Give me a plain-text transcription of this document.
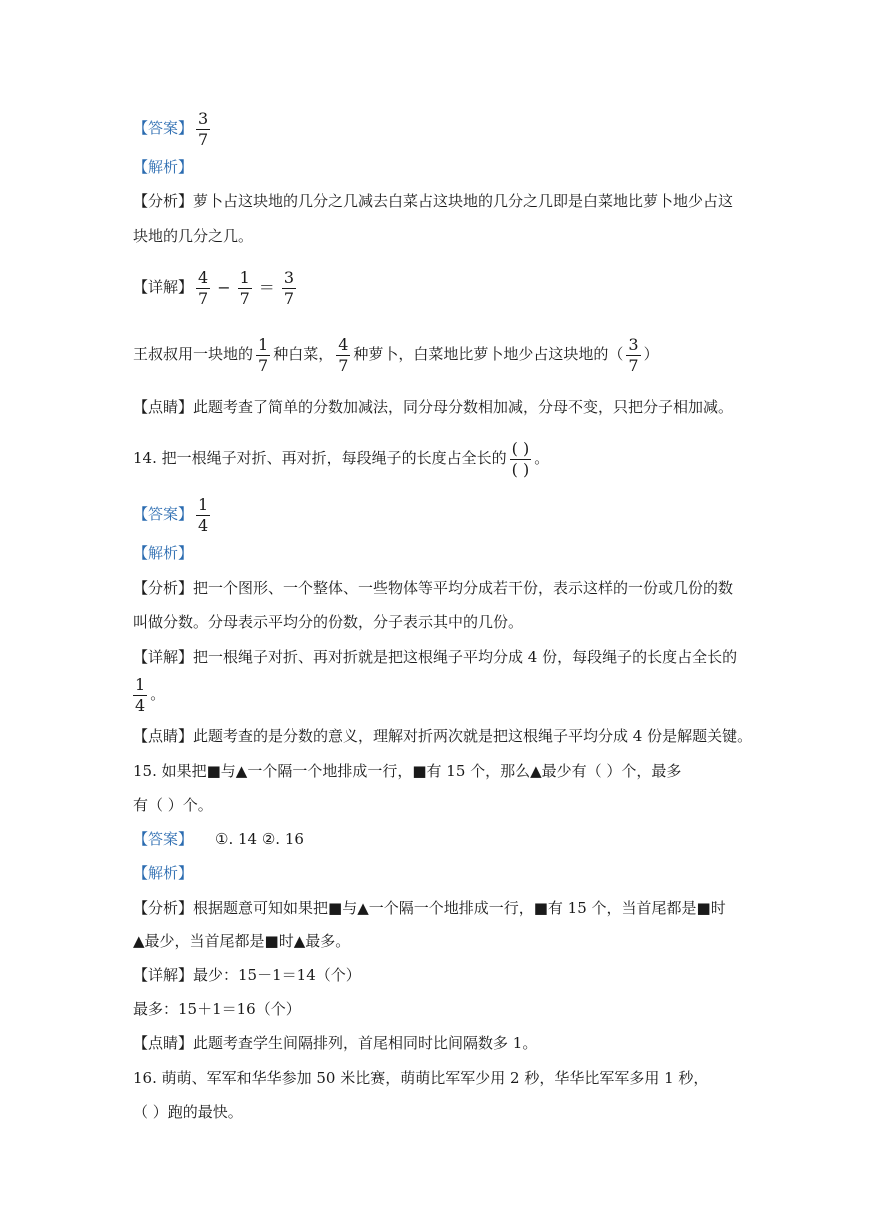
【答案】 $\frac{3}{7}$
【解析】
【分析】萝卜占这块地的几分之几减去白菜占这块地的几分之几即是白菜地比萝卜地少占这
块地的几分之几。
【详解】 $\frac{4}{7} - \frac{1}{7} = \frac{3}{7}$
王叔叔用一块地的 $\frac{1}{7}$ 种白菜， $\frac{4}{7}$ 种萝卜，白菜地比萝卜地少占这块地的（ $\frac{3}{7}$ ）
【点睛】此题考查了简单的分数加减法，同分母分数相加减，分母不变，只把分子相加减。
14. 把一根绳子对折、再对折，每段绳子的长度占全长的 $\frac{( )}{( )}$ 。
【答案】 $\frac{1}{4}$
【解析】
【分析】把一个图形、一个整体、一些物体等平均分成若干份，表示这样的一份或几份的数
叫做分数。分母表示平均分的份数，分子表示其中的几份。
【详解】把一根绳子对折、再对折就是把这根绳子平均分成 4 份，每段绳子的长度占全长的
$\frac{1}{4}$ 。
【点睛】此题考查的是分数的意义，理解对折两次就是把这根绳子平均分成 4 份是解题关键。
15. 如果把■与▲一个隔一个地排成一行，■有 15 个，那么▲最少有（ ）个，最多
有（ ）个。
【答案】 ①. 14 ②. 16
【解析】
【分析】根据题意可知如果把■与▲一个隔一个地排成一行，■有 15 个，当首尾都是■时
▲最少，当首尾都是■时▲最多。
【详解】最少：15－1＝14（个）
最多：15＋1＝16（个）
【点睛】此题考查学生间隔排列，首尾相同时比间隔数多 1。
16. 萌萌、军军和华华参加 50 米比赛，萌萌比军军少用 2 秒，华华比军军多用 1 秒，
（ ）跑的最快。
